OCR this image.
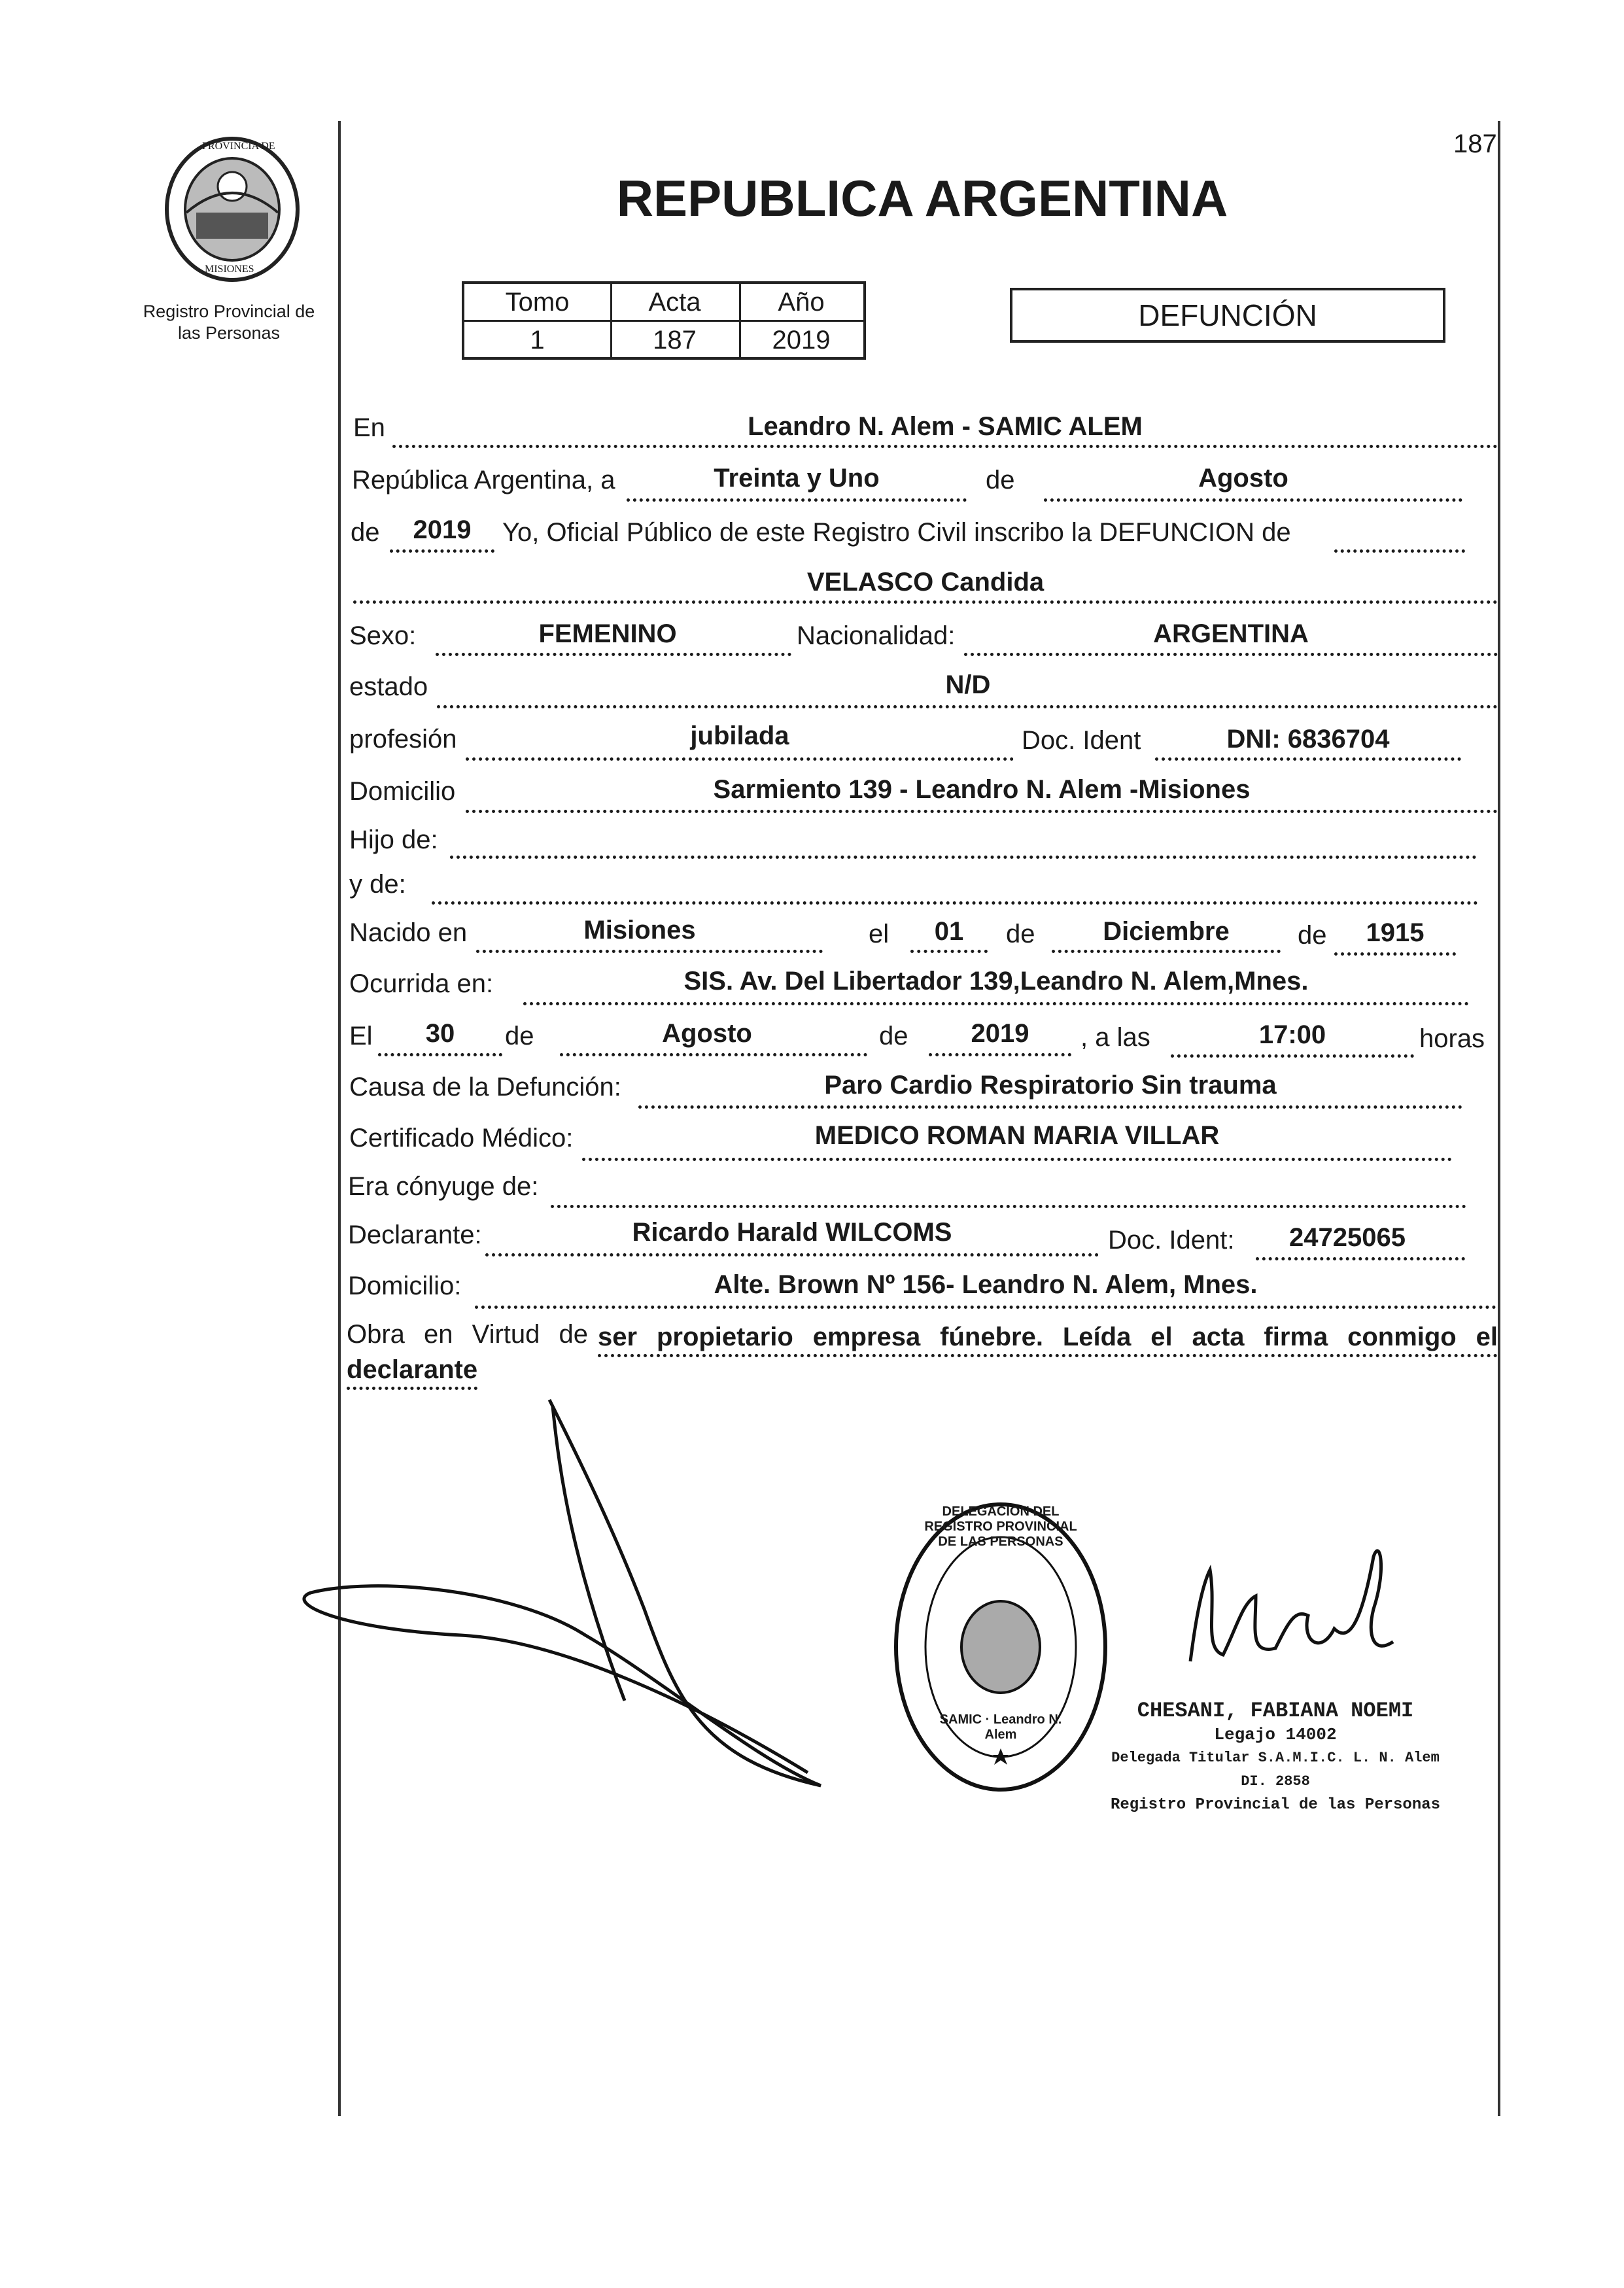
187
PROVINCIA DE
MISIONES
Registro Provincial de
las Personas
REPUBLICA ARGENTINA
Tomo	Acta	Año
1	187	2019
DEFUNCIÓN
En	Leandro N. Alem - SAMIC ALEM
República Argentina, a	Treinta y Uno	de	Agosto
de	2019	Yo, Oficial Público de este Registro Civil inscribo la DEFUNCION de
VELASCO Candida
Sexo:	FEMENINO	Nacionalidad:	ARGENTINA
estado	N/D
profesión	jubilada	Doc. Ident	DNI: 6836704
Domicilio	Sarmiento 139 - Leandro N. Alem -Misiones
Hijo de:
y de:
Nacido en	Misiones	el	01	de	Diciembre	de	1915
Ocurrida en:	SIS. Av. Del Libertador 139,Leandro N. Alem,Mnes.
El	30	de	Agosto	de	2019	, a las	17:00	horas
Causa de la Defunción:	Paro Cardio Respiratorio Sin trauma
Certificado Médico:	MEDICO ROMAN MARIA VILLAR
Era cónyuge de:
Declarante:	Ricardo Harald WILCOMS	Doc. Ident:	24725065
Domicilio:	Alte. Brown Nº 156- Leandro N. Alem, Mnes.
Obra en Virtud de ser propietario empresa fúnebre. Leída el acta firma conmigo el
declarante
DELEGACION DEL REGISTRO PROVINCIAL DE LAS PERSONAS
SAMIC · Leandro N. Alem
CHESANI, FABIANA NOEMI
Legajo 14002
Delegada Titular S.A.M.I.C. L. N. Alem DI. 2858
Registro Provincial de las Personas
